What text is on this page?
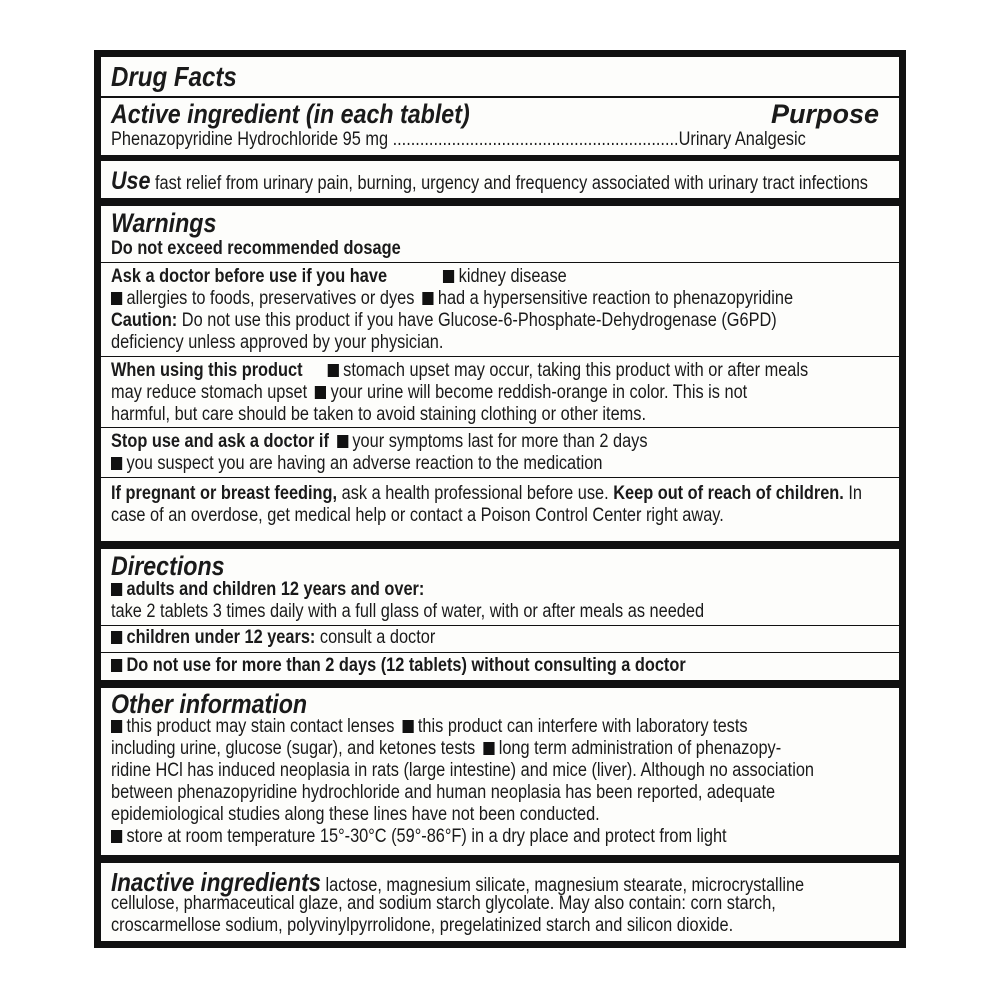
Drug Facts
Active ingredient (in each tablet)	Purpose
Phenazopyridine Hydrochloride 95 mg ...............................................................Urinary Analgesic
Use fast relief from urinary pain, burning, urgency and frequency associated with urinary tract infections
Warnings
Do not exceed recommended dosage
Ask a doctor before use if you have	kidney disease
allergies to foods, preservatives or dyes had a hypersensitive reaction to phenazopyridine
Caution: Do not use this product if you have Glucose-6-Phosphate-Dehydrogenase (G6PD)
deficiency unless approved by your physician.
When using this product stomach upset may occur, taking this product with or after meals
may reduce stomach upset your urine will become reddish-orange in color. This is not
harmful, but care should be taken to avoid staining clothing or other items.
Stop use and ask a doctor if your symptoms last for more than 2 days
you suspect you are having an adverse reaction to the medication
If pregnant or breast feeding, ask a health professional before use. Keep out of reach of children. In
case of an overdose, get medical help or contact a Poison Control Center right away.
Directions
adults and children 12 years and over:
take 2 tablets 3 times daily with a full glass of water, with or after meals as needed
children under 12 years: consult a doctor
Do not use for more than 2 days (12 tablets) without consulting a doctor
Other information
this product may stain contact lenses this product can interfere with laboratory tests
including urine, glucose (sugar), and ketones tests long term administration of phenazopy-
ridine HCl has induced neoplasia in rats (large intestine) and mice (liver). Although no association
between phenazopyridine hydrochloride and human neoplasia has been reported, adequate
epidemiological studies along these lines have not been conducted.
store at room temperature 15°-30°C (59°-86°F) in a dry place and protect from light
Inactive ingredients lactose, magnesium silicate, magnesium stearate, microcrystalline
cellulose, pharmaceutical glaze, and sodium starch glycolate. May also contain: corn starch,
croscarmellose sodium, polyvinylpyrrolidone, pregelatinized starch and silicon dioxide.
